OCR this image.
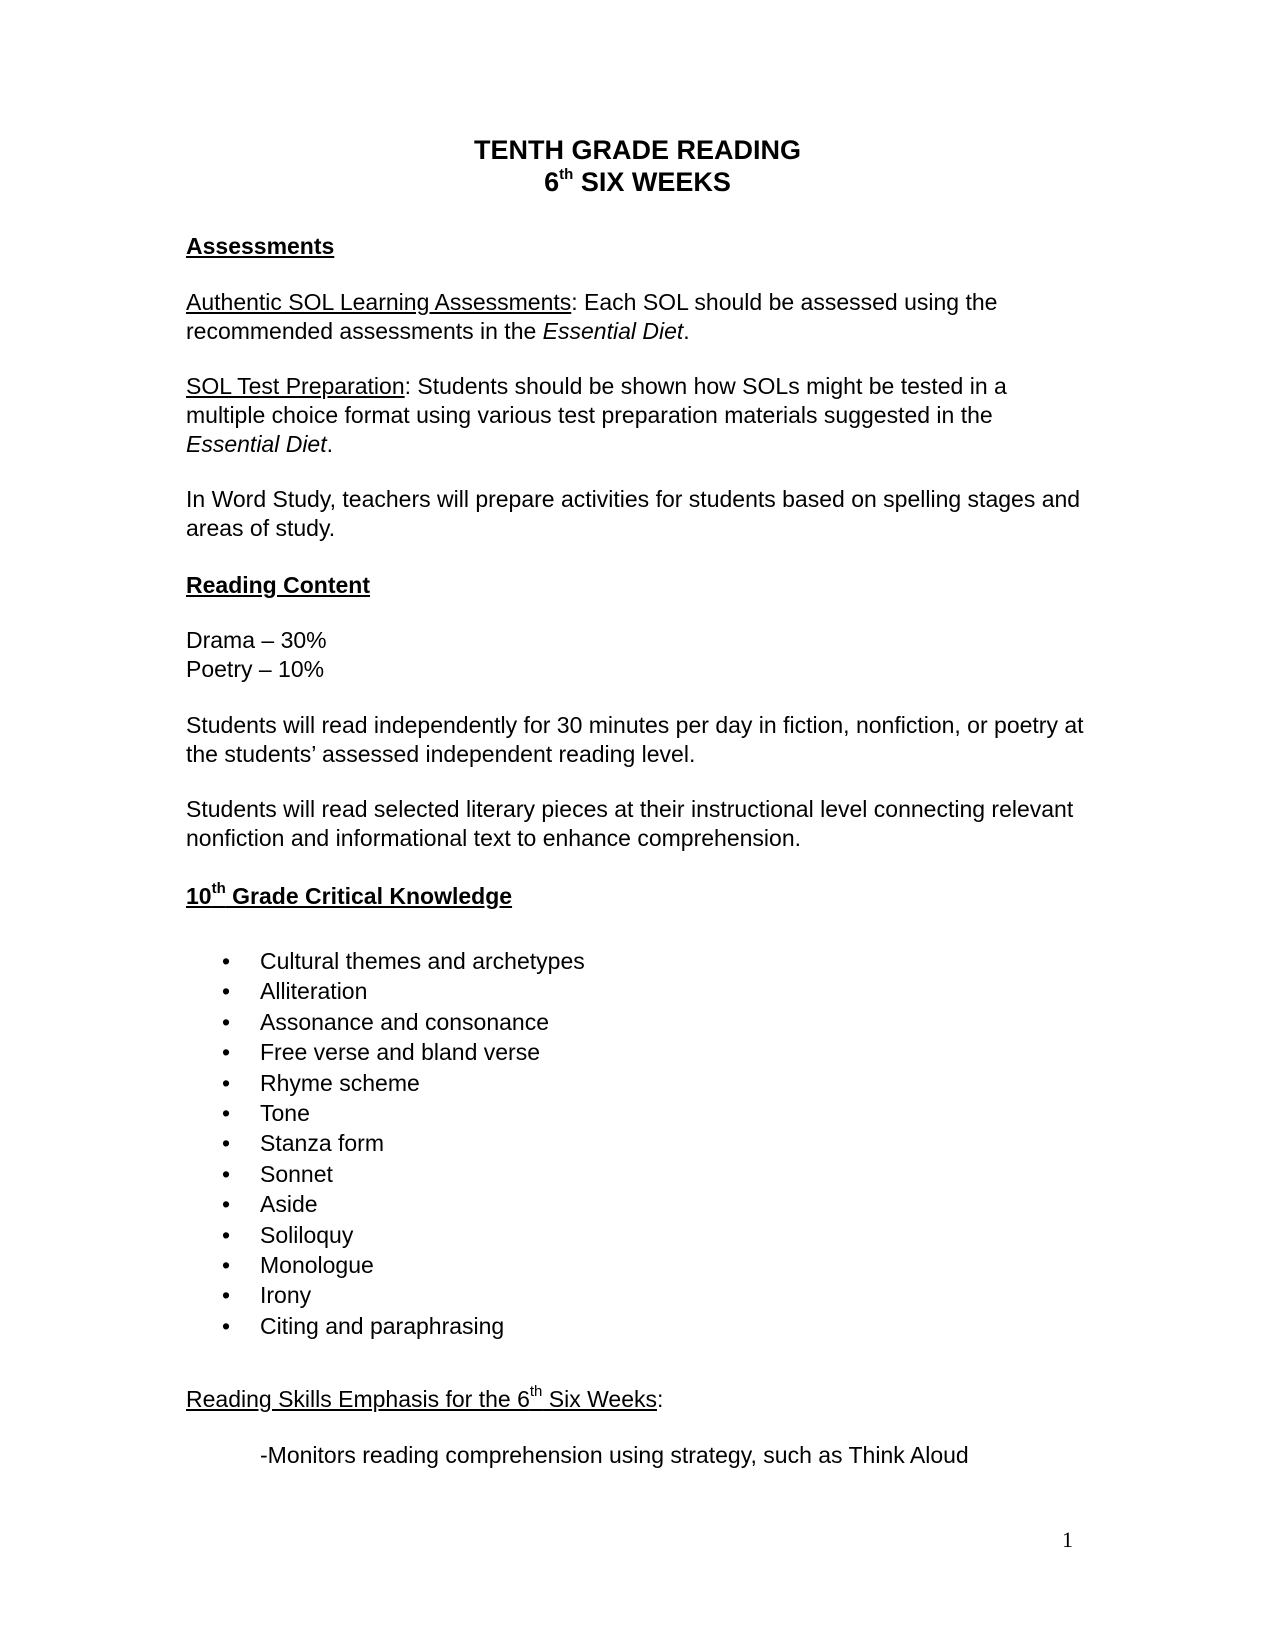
TENTH GRADE READING
6th SIX WEEKS
Assessments
Authentic SOL Learning Assessments: Each SOL should be assessed using the recommended assessments in the Essential Diet.
SOL Test Preparation: Students should be shown how SOLs might be tested in a multiple choice format using various test preparation materials suggested in the Essential Diet.
In Word Study, teachers will prepare activities for students based on spelling stages and areas of study.
Reading Content
Drama – 30%
Poetry – 10%
Students will read independently for 30 minutes per day in fiction, nonfiction, or poetry at the students’ assessed independent reading level.
Students will read selected literary pieces at their instructional level connecting relevant nonfiction and informational text to enhance comprehension.
10th Grade Critical Knowledge
• Cultural themes and archetypes
• Alliteration
• Assonance and consonance
• Free verse and bland verse
• Rhyme scheme
• Tone
• Stanza form
• Sonnet
• Aside
• Soliloquy
• Monologue
• Irony
• Citing and paraphrasing
Reading Skills Emphasis for the 6th Six Weeks:
-Monitors reading comprehension using strategy, such as Think Aloud
1
